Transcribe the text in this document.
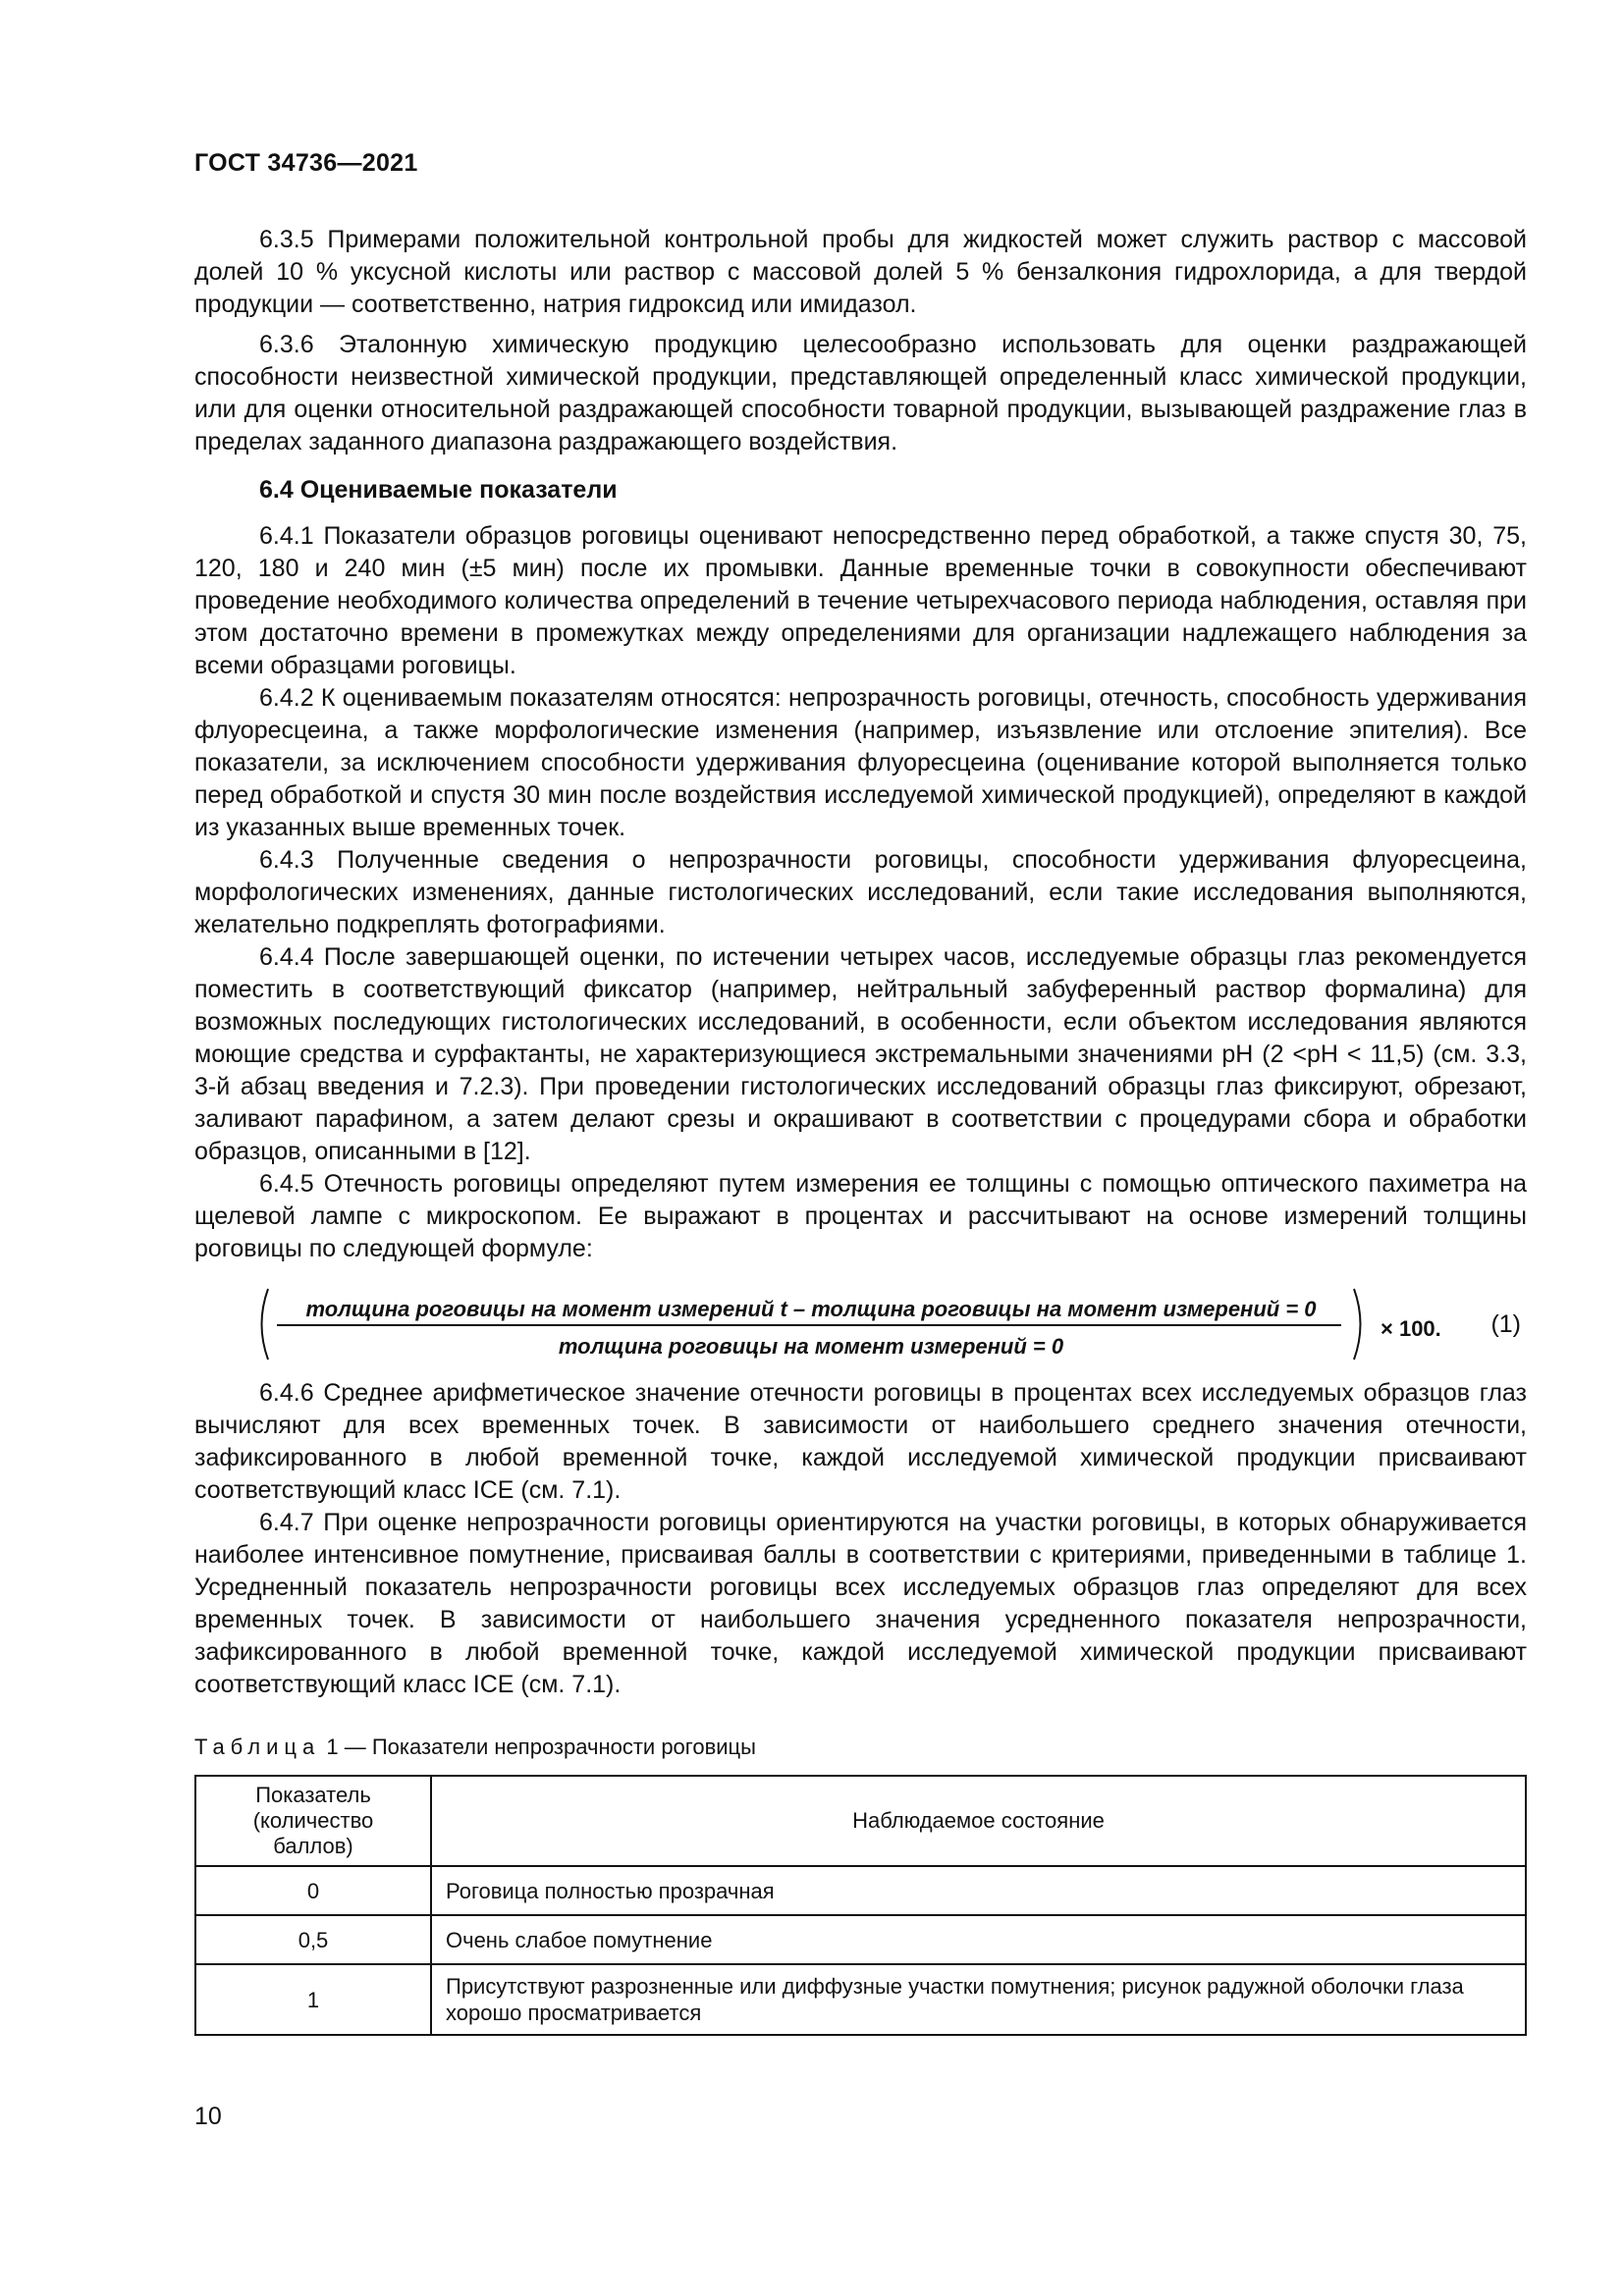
ГОСТ 34736—2021

6.3.5 Примерами положительной контрольной пробы для жидкостей может служить раствор с массовой долей 10 % уксусной кислоты или раствор с массовой долей 5 % бензалкония гидрохлорида, а для твердой продукции — соответственно, натрия гидроксид или имидазол.

6.3.6 Эталонную химическую продукцию целесообразно использовать для оценки раздражающей способности неизвестной химической продукции, представляющей определенный класс химической продукции, или для оценки относительной раздражающей способности товарной продукции, вызывающей раздражение глаз в пределах заданного диапазона раздражающего воздействия.

6.4 Оцениваемые показатели

6.4.1 Показатели образцов роговицы оценивают непосредственно перед обработкой, а также спустя 30, 75, 120, 180 и 240 мин (±5 мин) после их промывки. Данные временные точки в совокупности обеспечивают проведение необходимого количества определений в течение четырехчасового периода наблюдения, оставляя при этом достаточно времени в промежутках между определениями для организации надлежащего наблюдения за всеми образцами роговицы.

6.4.2 К оцениваемым показателям относятся: непрозрачность роговицы, отечность, способность удерживания флуоресцеина, а также морфологические изменения (например, изъязвление или отслоение эпителия). Все показатели, за исключением способности удерживания флуоресцеина (оценивание которой выполняется только перед обработкой и спустя 30 мин после воздействия исследуемой химической продукцией), определяют в каждой из указанных выше временных точек.

6.4.3 Полученные сведения о непрозрачности роговицы, способности удерживания флуоресцеина, морфологических изменениях, данные гистологических исследований, если такие исследования выполняются, желательно подкреплять фотографиями.

6.4.4 После завершающей оценки, по истечении четырех часов, исследуемые образцы глаз рекомендуется поместить в соответствующий фиксатор (например, нейтральный забуференный раствор формалина) для возможных последующих гистологических исследований, в особенности, если объектом исследования являются моющие средства и сурфактанты, не характеризующиеся экстремальными значениями pH (2 <pH < 11,5) (см. 3.3, 3-й абзац введения и 7.2.3). При проведении гистологических исследований образцы глаз фиксируют, обрезают, заливают парафином, а затем делают срезы и окрашивают в соответствии с процедурами сбора и обработки образцов, описанными в [12].

6.4.5 Отечность роговицы определяют путем измерения ее толщины с помощью оптического пахиметра на щелевой лампе с микроскопом. Ее выражают в процентах и рассчитывают на основе измерений толщины роговицы по следующей формуле:

толщина роговицы на момент измерений t – толщина роговицы на момент измерений = 0
толщина роговицы на момент измерений = 0
× 100. (1)

6.4.6 Среднее арифметическое значение отечности роговицы в процентах всех исследуемых образцов глаз вычисляют для всех временных точек. В зависимости от наибольшего среднего значения отечности, зафиксированного в любой временной точке, каждой исследуемой химической продукции присваивают соответствующий класс ICE (см. 7.1).

6.4.7 При оценке непрозрачности роговицы ориентируются на участки роговицы, в которых обнаруживается наиболее интенсивное помутнение, присваивая баллы в соответствии с критериями, приведенными в таблице 1. Усредненный показатель непрозрачности роговицы всех исследуемых образцов глаз определяют для всех временных точек. В зависимости от наибольшего значения усредненного показателя непрозрачности, зафиксированного в любой временной точке, каждой исследуемой химической продукции присваивают соответствующий класс ICE (см. 7.1).

Таблица 1 — Показатели непрозрачности роговицы
Показатель (количество баллов)	Наблюдаемое состояние
0	Роговица полностью прозрачная
0,5	Очень слабое помутнение
1	Присутствуют разрозненные или диффузные участки помутнения; рисунок радужной оболочки глаза хорошо просматривается
10
